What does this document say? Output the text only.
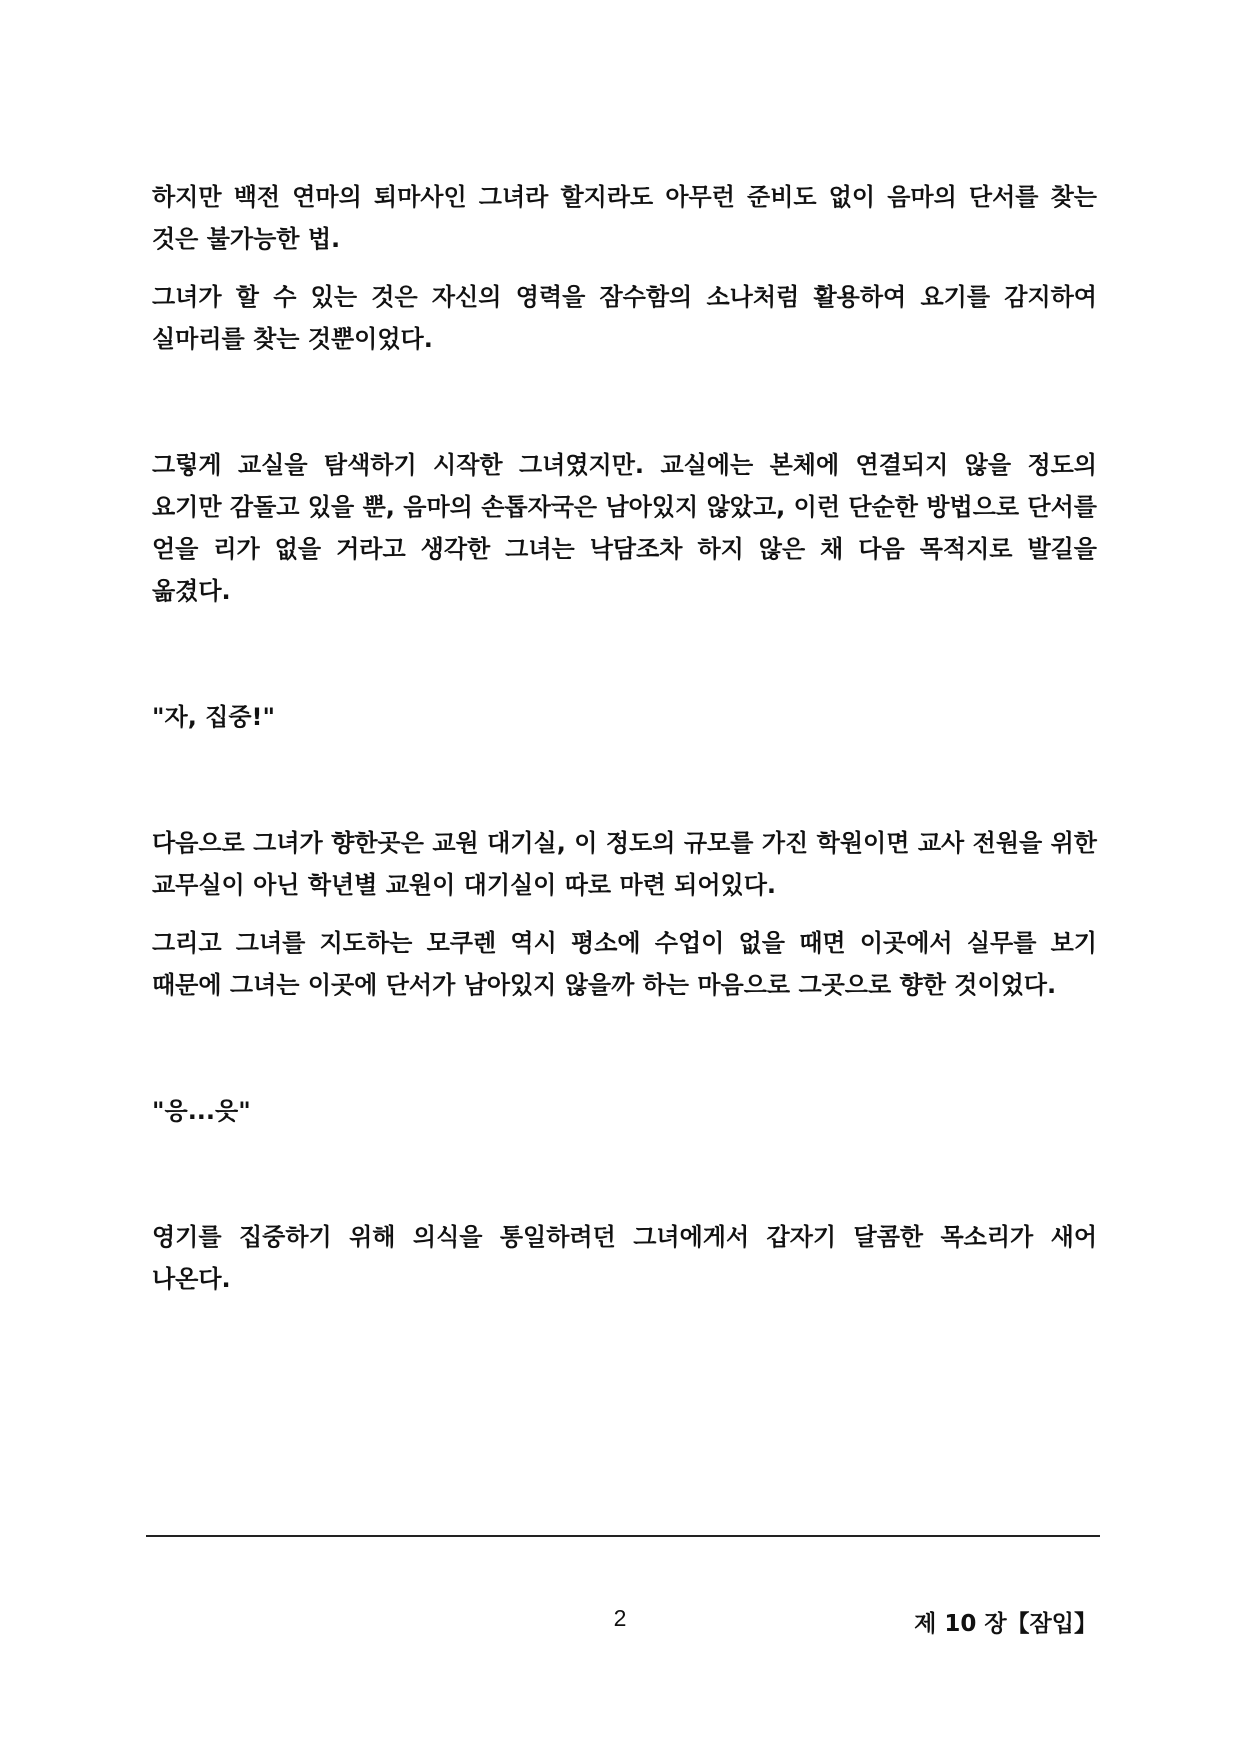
하지만 백전 연마의 퇴마사인 그녀라 할지라도 아무런 준비도 없이 음마의 단서를 찾는 것은 불가능한 법.

그녀가 할 수 있는 것은 자신의 영력을 잠수함의 소나처럼 활용하여 요기를 감지하여 실마리를 찾는 것뿐이었다.

그렇게 교실을 탐색하기 시작한 그녀였지만. 교실에는 본체에 연결되지 않을 정도의 요기만 감돌고 있을 뿐, 음마의 손톱자국은 남아있지 않았고, 이런 단순한 방법으로 단서를 얻을 리가 없을 거라고 생각한 그녀는 낙담조차 하지 않은 채 다음 목적지로 발길을 옮겼다.

"자, 집중!"

다음으로 그녀가 향한곳은 교원 대기실, 이 정도의 규모를 가진 학원이면 교사 전원을 위한 교무실이 아닌 학년별 교원이 대기실이 따로 마련 되어있다.

그리고 그녀를 지도하는 모쿠렌 역시 평소에 수업이 없을 때면 이곳에서 실무를 보기 때문에 그녀는 이곳에 단서가 남아있지 않을까 하는 마음으로 그곳으로 향한 것이었다.

"응...읏"

영기를 집중하기 위해 의식을 통일하려던 그녀에게서 갑자기 달콤한 목소리가 새어 나온다.

2	제 10 장【잠입】
